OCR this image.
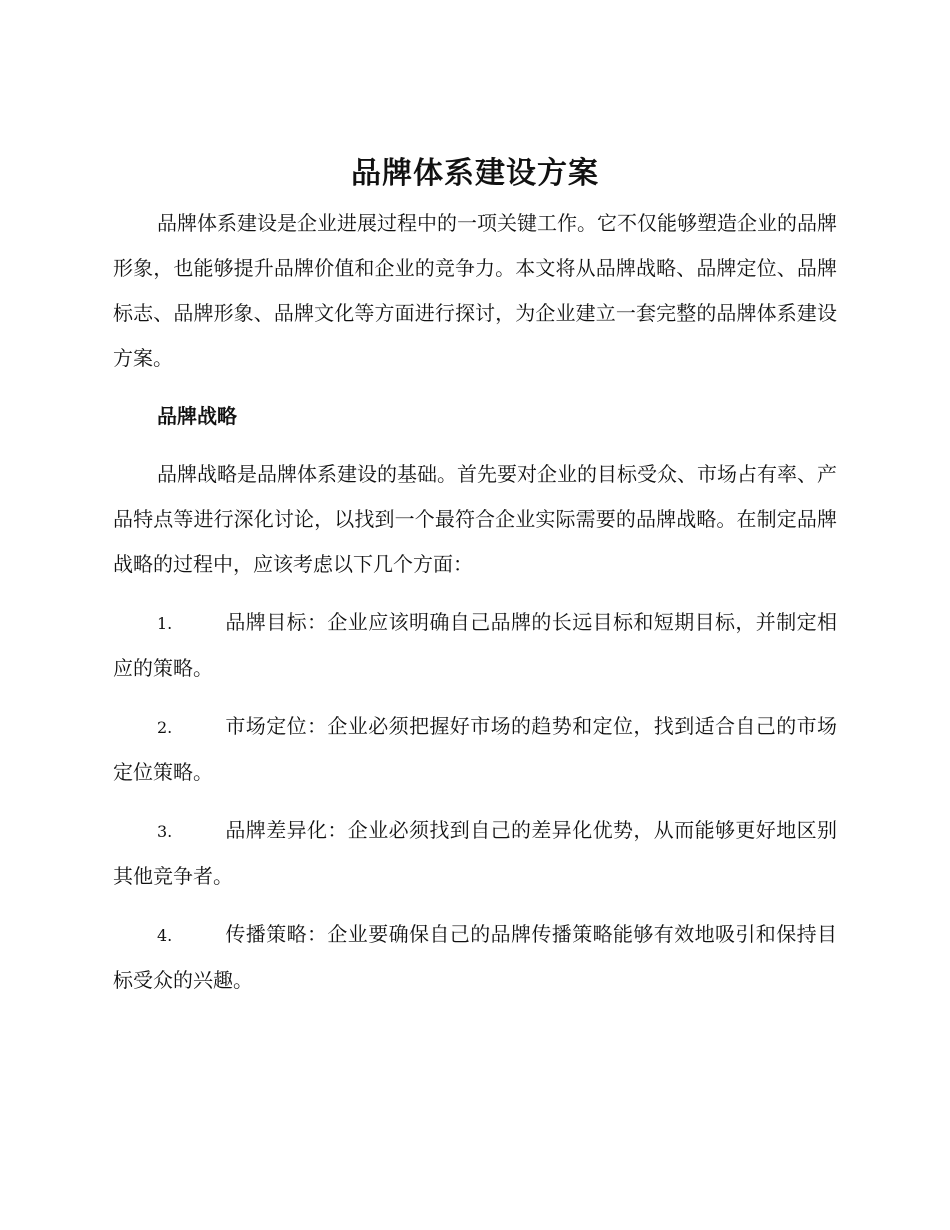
品牌体系建设方案

品牌体系建设是企业进展过程中的一项关键工作。它不仅能够塑造企业的品牌形象，也能够提升品牌价值和企业的竞争力。本文将从品牌战略、品牌定位、品牌标志、品牌形象、品牌文化等方面进行探讨，为企业建立一套完整的品牌体系建设方案。

品牌战略

品牌战略是品牌体系建设的基础。首先要对企业的目标受众、市场占有率、产品特点等进行深化讨论，以找到一个最符合企业实际需要的品牌战略。在制定品牌战略的过程中，应该考虑以下几个方面：

1.	品牌目标：企业应该明确自己品牌的长远目标和短期目标，并制定相应的策略。

2.	市场定位：企业必须把握好市场的趋势和定位，找到适合自己的市场定位策略。

3.	品牌差异化：企业必须找到自己的差异化优势，从而能够更好地区别其他竞争者。

4.	传播策略：企业要确保自己的品牌传播策略能够有效地吸引和保持目标受众的兴趣。
